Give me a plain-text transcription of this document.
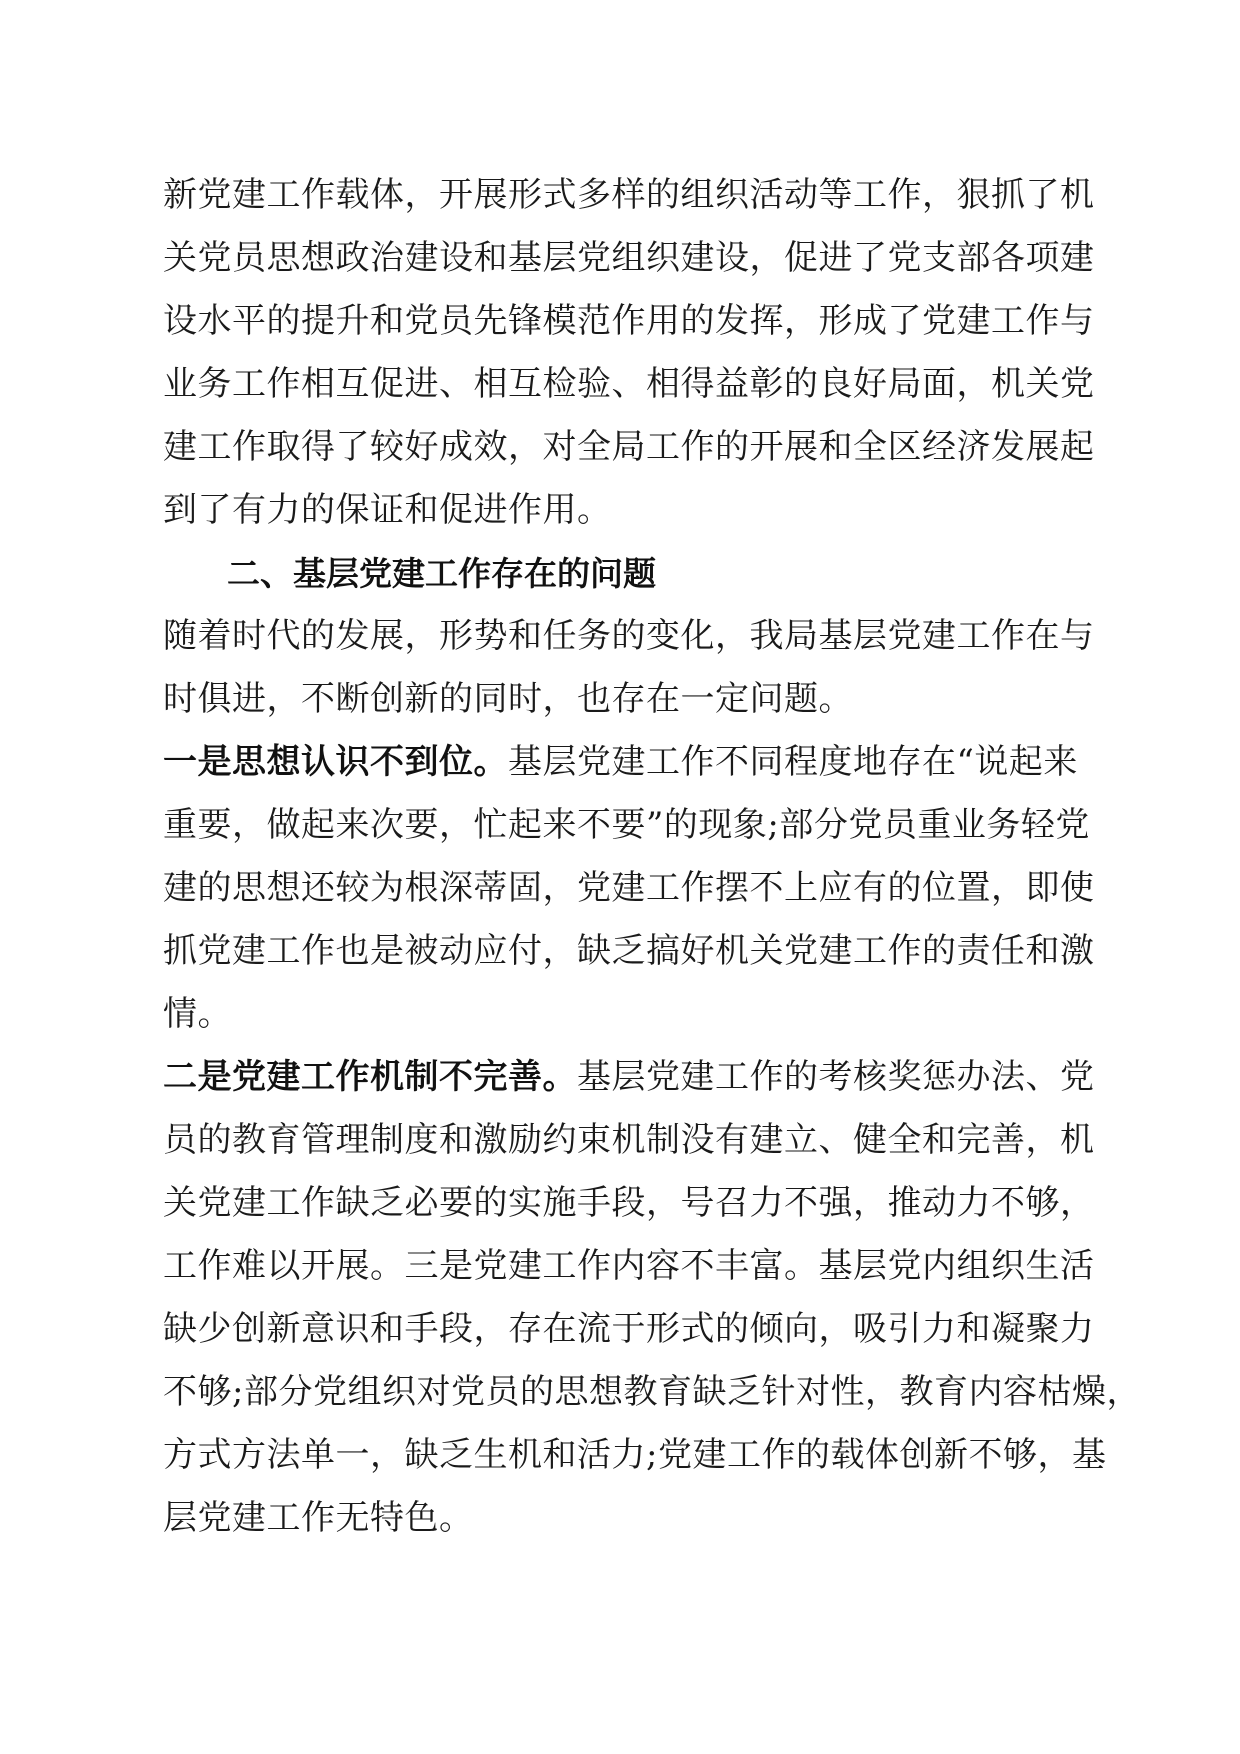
新党建工作载体，开展形式多样的组织活动等工作，狠抓了机
关党员思想政治建设和基层党组织建设，促进了党支部各项建
设水平的提升和党员先锋模范作用的发挥，形成了党建工作与
业务工作相互促进、相互检验、相得益彰的良好局面，机关党
建工作取得了较好成效，对全局工作的开展和全区经济发展起
到了有力的保证和促进作用。
二、基层党建工作存在的问题
随着时代的发展，形势和任务的变化，我局基层党建工作在与
时俱进，不断创新的同时，也存在一定问题。
一是思想认识不到位。基层党建工作不同程度地存在“说起来
重要，做起来次要，忙起来不要”的现象;部分党员重业务轻党
建的思想还较为根深蒂固，党建工作摆不上应有的位置，即使
抓党建工作也是被动应付，缺乏搞好机关党建工作的责任和激
情。
二是党建工作机制不完善。基层党建工作的考核奖惩办法、党
员的教育管理制度和激励约束机制没有建立、健全和完善，机
关党建工作缺乏必要的实施手段，号召力不强，推动力不够，
工作难以开展。三是党建工作内容不丰富。基层党内组织生活
缺少创新意识和手段，存在流于形式的倾向，吸引力和凝聚力
不够;部分党组织对党员的思想教育缺乏针对性，教育内容枯燥，
方式方法单一，缺乏生机和活力;党建工作的载体创新不够，基
层党建工作无特色。
